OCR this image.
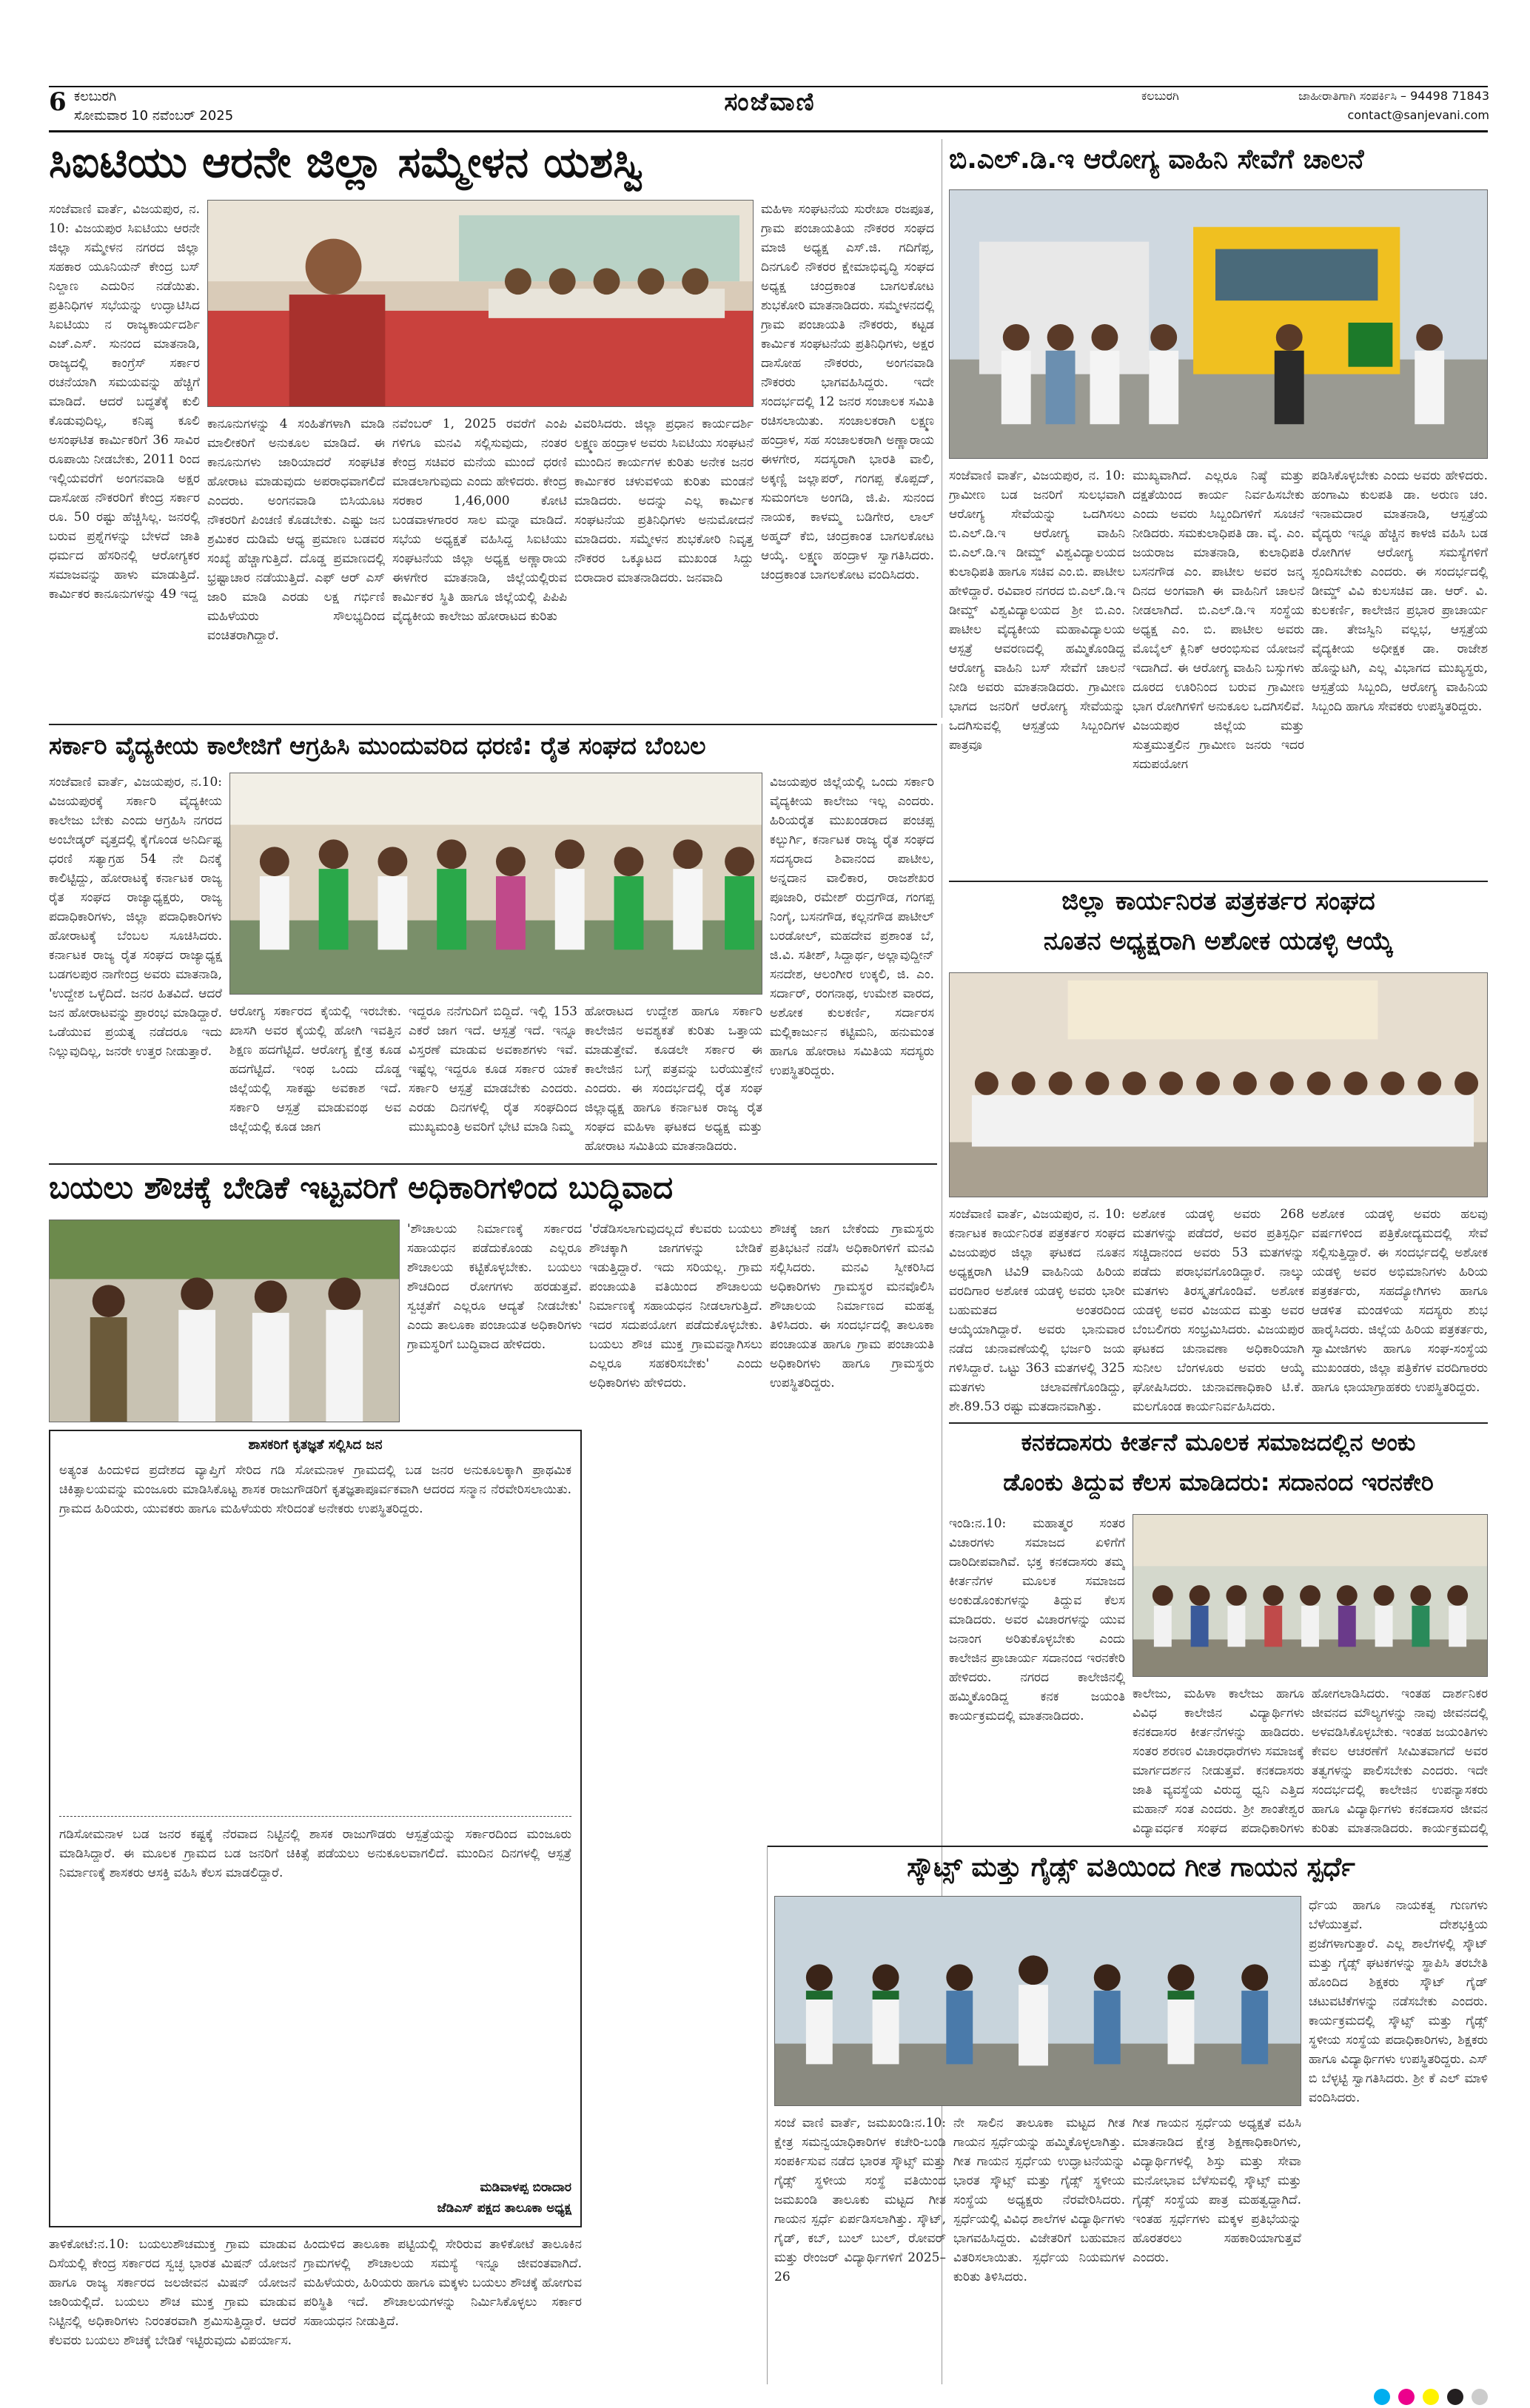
6 ಕಲಬುರಗಿ
ಸೋಮವಾರ 10 ನವೆಂಬರ್ 2025	ಸಂಜೆವಾಣಿ	ಕಲಬುರಗಿ	ಜಾಹೀರಾತಿಗಾಗಿ ಸಂಪರ್ಕಿಸಿ – 94498 71843
contact@sanjevani.com
ಸಿಐಟಿಯು ಆರನೇ ಜಿಲ್ಲಾ ಸಮ್ಮೇಳನ ಯಶಸ್ವಿ
ಸಂಜೆವಾಣಿ ವಾರ್ತೆ, ವಿಜಯಪುರ, ನ. 10: ವಿಜಯಪುರ ಸಿಐಟಿಯು ಆರನೇ ಜಿಲ್ಲಾ ಸಮ್ಮೇಳನ ನಗರದ ಜಿಲ್ಲಾ ಸಹಕಾರ ಯೂನಿಯನ್ ಕೇಂದ್ರ ಬಸ್ ನಿಲ್ದಾಣ ಎದುರಿನ ನಡೆಯಿತು. ಪ್ರತಿನಿಧಿಗಳ ಸಭೆಯನ್ನು ಉದ್ಘಾಟಿಸಿದ ಸಿಐಟಿಯು ನ ರಾಜ್ಯಕಾರ್ಯದರ್ಶಿ ಎಚ್.ಎಸ್. ಸುನಂದ ಮಾತನಾಡಿ, ರಾಜ್ಯದಲ್ಲಿ ಕಾಂಗ್ರೆಸ್ ಸರ್ಕಾರ ರಚನೆಯಾಗಿ ಸಮಯವನ್ನು ಹೆಚ್ಚಿಗೆ ಮಾಡಿದೆ. ಆದರೆ ಬದ್ಧತೆಕ್ಕೆ ಕುಲಿ ಕೊಡುವುದಿಲ್ಲ, ಕನಿಷ್ಠ ಕೂಲಿ ಅಸಂಘಟಿತ ಕಾರ್ಮಿಕರಿಗೆ 36 ಸಾವಿರ ರೂಪಾಯಿ ನೀಡಬೇಕು, 2011 ರಿಂದ ಇಲ್ಲಿಯವರೆಗೆ ಅಂಗನವಾಡಿ ಅಕ್ಷರ ದಾಸೋಹ ನೌಕರರಿಗೆ ಕೇಂದ್ರ ಸರ್ಕಾರ ರೂ. 50 ರಷ್ಟು ಹೆಚ್ಚಿಸಿಲ್ಲ. ಜನರಲ್ಲಿ ಬರುವ ಪ್ರಶ್ನೆಗಳನ್ನು ಬೇಳದೆ ಜಾತಿ ಧರ್ಮದ ಹೆಸರಿನಲ್ಲಿ ಆರೋಗ್ಯಕರ ಸಮಾಜವನ್ನು ಹಾಳು ಮಾಡುತ್ತಿದೆ. ಕಾರ್ಮಿಕರ ಕಾನೂನುಗಳನ್ನು 49 ಇದ್ದ
ಕಾನೂನುಗಳನ್ನು 4 ಸಂಹಿತೆಗಳಾಗಿ ಮಾಡಿ ಮಾಲೀಕರಿಗೆ ಅನುಕೂಲ ಮಾಡಿದೆ. ಈ ಕಾನೂನುಗಳು ಜಾರಿಯಾದರೆ ಸಂಘಟಿತ ಹೋರಾಟ ಮಾಡುವುದು ಅಪರಾಧವಾಗಲಿದೆ ಎಂದರು. ಅಂಗನವಾಡಿ ಬಿಸಿಯೂಟ ನೌಕರರಿಗೆ ಪಿಂಚಣಿ ಕೊಡಬೇಕು. ಎಷ್ಟು ಜನ ಶ್ರಮಿಕರ ದುಡಿಮೆ ಆಧ್ಯ ಪ್ರಮಾಣ ಬಡವರ ಸಂಖ್ಯೆ ಹೆಚ್ಚಾಗುತ್ತಿದೆ. ದೊಡ್ಡ ಪ್ರಮಾಣದಲ್ಲಿ ಭ್ರಷ್ಟಾಚಾರ ನಡೆಯುತ್ತಿದೆ. ಎಫ್ ಆರ್ ಎಸ್ ಜಾರಿ ಮಾಡಿ ಎರಡು ಲಕ್ಷ ಗರ್ಭಿಣಿ ಮಹಿಳೆಯರು ಸೌಲಭ್ಯದಿಂದ ವಂಚಿತರಾಗಿದ್ದಾರೆ.
ನವೆಂಬರ್ 1, 2025 ರವರೆಗೆ ಎಂಪಿ ಗಳಿಗೂ ಮನವಿ ಸಲ್ಲಿಸುವುದು, ನಂತರ ಕೇಂದ್ರ ಸಚಿವರ ಮನೆಯ ಮುಂದೆ ಧರಣಿ ಮಾಡಲಾಗುವುದು ಎಂದು ಹೇಳಿದರು. ಕೇಂದ್ರ ಸರಕಾರ 1,46,000 ಕೋಟಿ ಬಂಡವಾಳಗಾರರ ಸಾಲ ಮನ್ನಾ ಮಾಡಿದೆ. ಸಭೆಯ ಅಧ್ಯಕ್ಷತೆ ವಹಿಸಿದ್ದ ಸಿಐಟಿಯು ಸಂಘಟನೆಯ ಜಿಲ್ಲಾ ಅಧ್ಯಕ್ಷ ಅಣ್ಣಾರಾಯ ಈಳಗೇರ ಮಾತನಾಡಿ, ಜಿಲ್ಲೆಯಲ್ಲಿರುವ ಕಾರ್ಮಿಕರ ಸ್ಥಿತಿ ಹಾಗೂ ಜಿಲ್ಲೆಯಲ್ಲಿ ಪಿಪಿಪಿ ವೈದ್ಯಕೀಯ ಕಾಲೇಜು ಹೋರಾಟದ ಕುರಿತು
ವಿವರಿಸಿದರು. ಜಿಲ್ಲಾ ಪ್ರಧಾನ ಕಾರ್ಯದರ್ಶಿ ಲಕ್ಷ್ಮಣ ಹಂದ್ರಾಳ ಅವರು ಸಿಐಟಿಯು ಸಂಘಟನೆ ಮುಂದಿನ ಕಾರ್ಯಗಳ ಕುರಿತು ಅನೇಕ ಜನರ ಕಾರ್ಮಿಕರ ಚಳುವಳಿಯ ಕುರಿತು ಮಂಡನೆ ಮಾಡಿದರು. ಅದನ್ನು ಎಲ್ಲ ಕಾರ್ಮಿಕ ಸಂಘಟನೆಯ ಪ್ರತಿನಿಧಿಗಳು ಅನುಮೋದನೆ ಮಾಡಿದರು. ಸಮ್ಮೇಳನ ಶುಭಕೋರಿ ನಿವೃತ್ತ ನೌಕರರ ಒಕ್ಕೂಟದ ಮುಖಂಡ ಸಿದ್ದು ಬಿರಾದಾರ ಮಾತನಾಡಿದರು. ಜನವಾದಿ
ಮಹಿಳಾ ಸಂಘಟನೆಯ ಸುರೇಖಾ ರಜಪೂತ, ಗ್ರಾಮ ಪಂಚಾಯತಿಯ ನೌಕರರ ಸಂಘದ ಮಾಜಿ ಅಧ್ಯಕ್ಷ ಎಸ್.ಜಿ. ಗದಿಗೆಪ್ಪ, ದಿನಗೂಲಿ ನೌಕರರ ಕ್ಷೇಮಾಭಿವೃದ್ಧಿ ಸಂಘದ ಅಧ್ಯಕ್ಷ ಚಂದ್ರಕಾಂತ ಬಾಗಲಕೋಟ ಶುಭಕೋರಿ ಮಾತನಾಡಿದರು. ಸಮ್ಮೇಳನದಲ್ಲಿ ಗ್ರಾಮ ಪಂಚಾಯತಿ ನೌಕರರು, ಕಟ್ಟಡ ಕಾರ್ಮಿಕ ಸಂಘಟನೆಯ ಪ್ರತಿನಿಧಿಗಳು, ಅಕ್ಷರ ದಾಸೋಹ ನೌಕರರು, ಅಂಗನವಾಡಿ ನೌಕರರು ಭಾಗವಹಿಸಿದ್ದರು. ಇದೇ ಸಂದರ್ಭದಲ್ಲಿ 12 ಜನರ ಸಂಚಾಲಕ ಸಮಿತಿ ರಚಿಸಲಾಯಿತು. ಸಂಚಾಲಕರಾಗಿ ಲಕ್ಷ್ಮಣ ಹಂದ್ರಾಳ, ಸಹ ಸಂಚಾಲಕರಾಗಿ ಅಣ್ಣಾರಾಯ ಈಳಗೇರ, ಸದಸ್ಯರಾಗಿ ಭಾರತಿ ವಾಲಿ, ಅಕ್ಕಣ್ಣಿ ಜಲ್ಲಾಪರ್, ಗಂಗಪ್ಪ ಕೊಪ್ಪದ್, ಸುಮಂಗಲಾ ಅಂಗಡಿ, ಜಿ.ಪಿ. ಸುನಂದ ನಾಯಕ, ಕಾಳಮ್ಮ ಬಡಿಗೇರ, ಲಾಲ್ ಅಹ್ಮದ್ ಕೆಬಿ, ಚಂದ್ರಕಾಂತ ಬಾಗಲಕೋಟ ಆಯ್ಕೆ. ಲಕ್ಷ್ಮಣ ಹಂದ್ರಾಳ ಸ್ವಾಗತಿಸಿದರು. ಚಂದ್ರಕಾಂತ ಬಾಗಲಕೋಟ ವಂದಿಸಿದರು.
ಬಿ.ಎಲ್.ಡಿ.ಇ ಆರೋಗ್ಯ ವಾಹಿನಿ ಸೇವೆಗೆ ಚಾಲನೆ
ಸಂಜೆವಾಣಿ ವಾರ್ತೆ, ವಿಜಯಪುರ, ನ. 10: ಗ್ರಾಮೀಣ ಬಡ ಜನರಿಗೆ ಸುಲಭವಾಗಿ ಆರೋಗ್ಯ ಸೇವೆಯನ್ನು ಒದಗಿಸಲು ಬಿ.ಎಲ್.ಡಿ.ಇ ಆರೋಗ್ಯ ವಾಹಿನಿ ಬಿ.ಎಲ್.ಡಿ.ಇ ಡೀಮ್ಡ್ ವಿಶ್ವವಿದ್ಯಾಲಯದ ಕುಲಾಧಿಪತಿ ಹಾಗೂ ಸಚಿವ ಎಂ.ಬಿ. ಪಾಟೀಲ ಹೇಳಿದ್ದಾರೆ. ರವಿವಾರ ನಗರದ ಬಿ.ಎಲ್.ಡಿ.ಇ ಡೀಮ್ಡ್ ವಿಶ್ವವಿದ್ಯಾಲಯದ ಶ್ರೀ ಬಿ.ಎಂ. ಪಾಟೀಲ ವೈದ್ಯಕೀಯ ಮಹಾವಿದ್ಯಾಲಯ ಆಸ್ಪತ್ರೆ ಆವರಣದಲ್ಲಿ ಹಮ್ಮಿಕೊಂಡಿದ್ದ ಆರೋಗ್ಯ ವಾಹಿನಿ ಬಸ್ ಸೇವೆಗೆ ಚಾಲನೆ ನೀಡಿ ಅವರು ಮಾತನಾಡಿದರು. ಗ್ರಾಮೀಣ ಭಾಗದ ಜನರಿಗೆ ಆರೋಗ್ಯ ಸೇವೆಯನ್ನು ಒದಗಿಸುವಲ್ಲಿ ಆಸ್ಪತ್ರೆಯ ಸಿಬ್ಬಂದಿಗಳ ಪಾತ್ರವೂ
ಮುಖ್ಯವಾಗಿದೆ. ಎಲ್ಲರೂ ನಿಷ್ಠೆ ಮತ್ತು ದಕ್ಷತೆಯಿಂದ ಕಾರ್ಯ ನಿರ್ವಹಿಸಬೇಕು ಎಂದು ಅವರು ಸಿಬ್ಬಂದಿಗಳಿಗೆ ಸೂಚನೆ ನೀಡಿದರು. ಸಮಕುಲಾಧಿಪತಿ ಡಾ. ವೈ. ಎಂ. ಜಯರಾಜ ಮಾತನಾಡಿ, ಕುಲಾಧಿಪತಿ ಬಸನಗೌಡ ಎಂ. ಪಾಟೀಲ ಅವರ ಜನ್ಮ ದಿನದ ಅಂಗವಾಗಿ ಈ ವಾಹಿನಿಗೆ ಚಾಲನೆ ನೀಡಲಾಗಿದೆ. ಬಿ.ಎಲ್.ಡಿ.ಇ ಸಂಸ್ಥೆಯ ಅಧ್ಯಕ್ಷ ಎಂ. ಬಿ. ಪಾಟೀಲ ಅವರು ಮೊಬೈಲ್ ಕ್ಲಿನಿಕ್ ಆರಂಭಿಸುವ ಯೋಜನೆ ಇದಾಗಿದೆ. ಈ ಆರೋಗ್ಯ ವಾಹಿನಿ ಬಸ್ಸುಗಳು ದೂರದ ಊರಿನಿಂದ ಬರುವ ಗ್ರಾಮೀಣ ಭಾಗ ರೋಗಿಗಳಿಗೆ ಅನುಕೂಲ ಒದಗಿಸಲಿವೆ. ವಿಜಯಪುರ ಜಿಲ್ಲೆಯ ಮತ್ತು ಸುತ್ತಮುತ್ತಲಿನ ಗ್ರಾಮೀಣ ಜನರು ಇದರ ಸದುಪಯೋಗ
ಪಡಿಸಿಕೊಳ್ಳಬೇಕು ಎಂದು ಅವರು ಹೇಳಿದರು. ಹಂಗಾಮಿ ಕುಲಪತಿ ಡಾ. ಅರುಣ ಚಂ. ಇನಾಮದಾರ ಮಾತನಾಡಿ, ಆಸ್ಪತ್ರೆಯ ವೈದ್ಯರು ಇನ್ನೂ ಹೆಚ್ಚಿನ ಕಾಳಜಿ ವಹಿಸಿ ಬಡ ರೋಗಿಗಳ ಆರೋಗ್ಯ ಸಮಸ್ಯೆಗಳಿಗೆ ಸ್ಪಂದಿಸಬೇಕು ಎಂದರು. ಈ ಸಂದರ್ಭದಲ್ಲಿ ಡೀಮ್ಡ್ ವಿವಿ ಕುಲಸಚಿವ ಡಾ. ಆರ್. ವಿ. ಕುಲಕರ್ಣಿ, ಕಾಲೇಜಿನ ಪ್ರಭಾರ ಪ್ರಾಚಾರ್ಯ ಡಾ. ತೇಜಸ್ವಿನಿ ವಲ್ಲಭ, ಆಸ್ಪತ್ರೆಯ ವೈದ್ಯಕೀಯ ಅಧೀಕ್ಷಕ ಡಾ. ರಾಜೇಶ ಹೊನ್ನುಟಗಿ, ಎಲ್ಲ ವಿಭಾಗದ ಮುಖ್ಯಸ್ಥರು, ಆಸ್ಪತ್ರೆಯ ಸಿಬ್ಬಂದಿ, ಆರೋಗ್ಯ ವಾಹಿನಿಯ ಸಿಬ್ಬಂದಿ ಹಾಗೂ ಸೇವಕರು ಉಪಸ್ಥಿತರಿದ್ದರು.
ಸರ್ಕಾರಿ ವೈದ್ಯಕೀಯ ಕಾಲೇಜಿಗೆ ಆಗ್ರಹಿಸಿ ಮುಂದುವರಿದ ಧರಣಿ: ರೈತ ಸಂಘದ ಬೆಂಬಲ
ಸಂಜೆವಾಣಿ ವಾರ್ತೆ, ವಿಜಯಪುರ, ನ.10: ವಿಜಯಪುರಕ್ಕೆ ಸರ್ಕಾರಿ ವೈದ್ಯಕೀಯ ಕಾಲೇಜು ಬೇಕು ಎಂದು ಆಗ್ರಹಿಸಿ ನಗರದ ಅಂಬೇಡ್ಕರ್ ವೃತ್ತದಲ್ಲಿ ಕೈಗೊಂಡ ಅನಿರ್ದಿಷ್ಟ ಧರಣಿ ಸತ್ಯಾಗ್ರಹ 54 ನೇ ದಿನಕ್ಕೆ ಕಾಲಿಟ್ಟಿದ್ದು, ಹೋರಾಟಕ್ಕೆ ಕರ್ನಾಟಕ ರಾಜ್ಯ ರೈತ ಸಂಘದ ರಾಜ್ಯಾಧ್ಯಕ್ಷರು, ರಾಜ್ಯ ಪದಾಧಿಕಾರಿಗಳು, ಜಿಲ್ಲಾ ಪದಾಧಿಕಾರಿಗಳು ಹೋರಾಟಕ್ಕೆ ಬೆಂಬಲ ಸೂಚಿಸಿದರು. ಕರ್ನಾಟಕ ರಾಜ್ಯ ರೈತ ಸಂಘದ ರಾಜ್ಯಾಧ್ಯಕ್ಷ ಬಡಗಲಪುರ ನಾಗೇಂದ್ರ ಅವರು ಮಾತನಾಡಿ, 'ಉದ್ದೇಶ ಒಳ್ಳೆದಿದೆ. ಜನರ ಹಿತವಿದೆ. ಆದರೆ ಜನ ಹೋರಾಟವನ್ನು ಪ್ರಾರಂಭ ಮಾಡಿದ್ದಾರೆ. ಒಡೆಯುವ ಪ್ರಯತ್ನ ನಡೆದರೂ ಇದು ನಿಲ್ಲುವುದಿಲ್ಲ, ಜನರೇ ಉತ್ತರ ನೀಡುತ್ತಾರೆ.
ಆರೋಗ್ಯ ಸರ್ಕಾರದ ಕೈಯಲ್ಲಿ ಇರಬೇಕು. ಖಾಸಗಿ ಅವರ ಕೈಯಲ್ಲಿ ಹೋಗಿ ಇವತ್ತಿನ ಶಿಕ್ಷಣ ಹದಗೆಟ್ಟಿದೆ. ಆರೋಗ್ಯ ಕ್ಷೇತ್ರ ಕೂಡ ಹದಗೆಟ್ಟಿದೆ. ಇಂಥ ಒಂದು ದೊಡ್ಡ ಜಿಲ್ಲೆಯಲ್ಲಿ ಸಾಕಷ್ಟು ಅವಕಾಶ ಇದೆ. ಸರ್ಕಾರಿ ಆಸ್ಪತ್ರೆ ಮಾಡುವಂಥ ಅವ ಜಿಲ್ಲೆಯಲ್ಲಿ ಕೂಡ ಜಾಗ
ಇದ್ದರೂ ನನೆಗುದಿಗೆ ಬಿದ್ದಿದೆ. ಇಲ್ಲಿ 153 ಎಕರೆ ಜಾಗ ಇದೆ. ಆಸ್ಪತ್ರೆ ಇದೆ. ಇನ್ನೂ ವಿಸ್ತರಣೆ ಮಾಡುವ ಅವಕಾಶಗಳು ಇವೆ. ಇಷ್ಟೆಲ್ಲ ಇದ್ದರೂ ಕೂಡ ಸರ್ಕಾರ ಯಾಕೆ ಸರ್ಕಾರಿ ಆಸ್ಪತ್ರೆ ಮಾಡಬೇಕು ಎಂದರು. ಎರಡು ದಿನಗಳಲ್ಲಿ ರೈತ ಸಂಘದಿಂದ ಮುಖ್ಯಮಂತ್ರಿ ಅವರಿಗೆ ಭೇಟಿ ಮಾಡಿ ನಿಮ್ಮ
ಹೋರಾಟದ ಉದ್ದೇಶ ಹಾಗೂ ಸರ್ಕಾರಿ ಕಾಲೇಜಿನ ಅವಶ್ಯಕತೆ ಕುರಿತು ಒತ್ತಾಯ ಮಾಡುತ್ತೇವೆ. ಕೂಡಲೇ ಸರ್ಕಾರ ಈ ಕಾಲೇಜಿನ ಬಗ್ಗೆ ಪತ್ರವನ್ನು ಬರೆಯುತ್ತೇನೆ ಎಂದರು. ಈ ಸಂದರ್ಭದಲ್ಲಿ ರೈತ ಸಂಘ ಜಿಲ್ಲಾಧ್ಯಕ್ಷ ಹಾಗೂ ಕರ್ನಾಟಕ ರಾಜ್ಯ ರೈತ ಸಂಘದ ಮಹಿಳಾ ಘಟಕದ ಅಧ್ಯಕ್ಷ ಮತ್ತು ಹೋರಾಟ ಸಮಿತಿಯ ಮಾತನಾಡಿದರು.
ವಿಜಯಪುರ ಜಿಲ್ಲೆಯಲ್ಲಿ ಒಂದು ಸರ್ಕಾರಿ ವೈದ್ಯಕೀಯ ಕಾಲೇಜು ಇಲ್ಲ ಎಂದರು. ಹಿರಿಯರೈತ ಮುಖಂಡರಾದ ಪಂಚಪ್ಪ ಕಲ್ಬುರ್ಗಿ, ಕರ್ನಾಟಕ ರಾಜ್ಯ ರೈತ ಸಂಘದ ಸದಸ್ಯರಾದ ಶಿವಾನಂದ ಪಾಟೀಲ, ಅನ್ನದಾನ ವಾಲಿಕಾರ, ರಾಜಶೇಖರ ಪೂಜಾರಿ, ರಮೇಶ್ ರುದ್ರಗೌಡ, ಗಂಗಪ್ಪ ನಿಂಗೈ, ಬಸನಗೌಡ, ಕಲ್ಲನಗೌಡ ಪಾಟೀಲ್ ಬರಡೋಲ್, ಮಹದೇವ ಪ್ರಶಾಂತ ಬೆ, ಜಿ.ವಿ. ಸತೀಶ್, ಸಿದ್ದಾರ್ಥ, ಅಲ್ಲಾವುದ್ದೀನ್ ಸನದೇಶ, ಆಲಂಗೀರ ಉಕ್ಕಲಿ, ಜಿ. ಎಂ. ಸರ್ದಾರ್, ರಂಗನಾಥ, ಉಮೇಶ ವಾರದ, ಅಶೋಕ ಕುಲಕರ್ಣಿ, ಸರ್ದಾರಸ ಮಲ್ಲಿಕಾರ್ಜುನ ಕಟ್ಟಿಮನಿ, ಹನುಮಂತ ಹಾಗೂ ಹೋರಾಟ ಸಮಿತಿಯ ಸದಸ್ಯರು ಉಪಸ್ಥಿತರಿದ್ದರು.
ಜಿಲ್ಲಾ ಕಾರ್ಯನಿರತ ಪತ್ರಕರ್ತರ ಸಂಘದ
ನೂತನ ಅಧ್ಯಕ್ಷರಾಗಿ ಅಶೋಕ ಯಡಳ್ಳಿ ಆಯ್ಕೆ
ಸಂಜೆವಾಣಿ ವಾರ್ತೆ, ವಿಜಯಪುರ, ನ. 10: ಕರ್ನಾಟಕ ಕಾರ್ಯನಿರತ ಪತ್ರಕರ್ತರ ಸಂಘದ ವಿಜಯಪುರ ಜಿಲ್ಲಾ ಘಟಕದ ನೂತನ ಅಧ್ಯಕ್ಷರಾಗಿ ಟಿವಿ9 ವಾಹಿನಿಯ ಹಿರಿಯ ವರದಿಗಾರ ಅಶೋಕ ಯಡಳ್ಳಿ ಅವರು ಭಾರೀ ಬಹುಮತದ ಅಂತರದಿಂದ ಆಯ್ಕೆಯಾಗಿದ್ದಾರೆ. ಅವರು ಭಾನುವಾರ ನಡೆದ ಚುನಾವಣೆಯಲ್ಲಿ ಭರ್ಜರಿ ಜಯ ಗಳಿಸಿದ್ದಾರೆ. ಒಟ್ಟು 363 ಮತಗಳಲ್ಲಿ 325 ಮತಗಳು ಚಲಾವಣೆಗೊಂಡಿದ್ದು, ಶೇ.89.53 ರಷ್ಟು ಮತದಾನವಾಗಿತ್ತು.
ಅಶೋಕ ಯಡಳ್ಳಿ ಅವರು 268 ಮತಗಳನ್ನು ಪಡೆದರೆ, ಅವರ ಪ್ರತಿಸ್ಪರ್ಧಿ ಸಚ್ಚಿದಾನಂದ ಅವರು 53 ಮತಗಳನ್ನು ಪಡೆದು ಪರಾಭವಗೊಂಡಿದ್ದಾರೆ. ನಾಲ್ಕು ಮತಗಳು ತಿರಸ್ಕೃತಗೊಂಡಿವೆ. ಅಶೋಕ ಯಡಳ್ಳಿ ಅವರ ವಿಜಯದ ಮತ್ತು ಅವರ ಬೆಂಬಲಿಗರು ಸಂಭ್ರಮಿಸಿದರು. ವಿಜಯಪುರ ಘಟಕದ ಚುನಾವಣಾ ಅಧಿಕಾರಿಯಾಗಿ ಸುನೀಲ ಬೆಂಗಳೂರು ಅವರು ಆಯ್ಕೆ ಘೋಷಿಸಿದರು. ಚುನಾವಣಾಧಿಕಾರಿ ಟಿ.ಕೆ. ಮಲಗೊಂಡ ಕಾರ್ಯನಿರ್ವಹಿಸಿದರು.
ಅಶೋಕ ಯಡಳ್ಳಿ ಅವರು ಹಲವು ವರ್ಷಗಳಿಂದ ಪತ್ರಿಕೋದ್ಯಮದಲ್ಲಿ ಸೇವೆ ಸಲ್ಲಿಸುತ್ತಿದ್ದಾರೆ. ಈ ಸಂದರ್ಭದಲ್ಲಿ ಅಶೋಕ ಯಡಳ್ಳಿ ಅವರ ಅಭಿಮಾನಿಗಳು ಹಿರಿಯ ಪತ್ರಕರ್ತರು, ಸಹದ್ಯೋಗಿಗಳು ಹಾಗೂ ಆಡಳಿತ ಮಂಡಳಿಯ ಸದಸ್ಯರು ಶುಭ ಹಾರೈಸಿದರು. ಜಿಲ್ಲೆಯ ಹಿರಿಯ ಪತ್ರಕರ್ತರು, ಸ್ವಾಮೀಜಿಗಳು ಹಾಗೂ ಸಂಘ-ಸಂಸ್ಥೆಯ ಮುಖಂಡರು, ಜಿಲ್ಲಾ ಪತ್ರಿಕೆಗಳ ವರದಿಗಾರರು ಹಾಗೂ ಛಾಯಾಗ್ರಾಹಕರು ಉಪಸ್ಥಿತರಿದ್ದರು.
ಬಯಲು ಶೌಚಕ್ಕೆ ಬೇಡಿಕೆ ಇಟ್ಟವರಿಗೆ ಅಧಿಕಾರಿಗಳಿಂದ ಬುದ್ಧಿವಾದ
'ಶೌಚಾಲಯ ನಿರ್ಮಾಣಕ್ಕೆ ಸರ್ಕಾರದ ಸಹಾಯಧನ ಪಡೆದುಕೊಂಡು ಎಲ್ಲರೂ ಶೌಚಾಲಯ ಕಟ್ಟಿಕೊಳ್ಳಬೇಕು. ಬಯಲು ಶೌಚದಿಂದ ರೋಗಗಳು ಹರಡುತ್ತವೆ. ಸ್ವಚ್ಛತೆಗೆ ಎಲ್ಲರೂ ಆದ್ಯತೆ ನೀಡಬೇಕು' ಎಂದು ತಾಲೂಕಾ ಪಂಚಾಯತ ಅಧಿಕಾರಿಗಳು ಗ್ರಾಮಸ್ಥರಿಗೆ ಬುದ್ಧಿವಾದ ಹೇಳಿದರು.
'ರೆಡೆಡಿಸಲಾಗುವುದಲ್ಲದೆ ಕೆಲವರು ಬಯಲು ಶೌಚಕ್ಕಾಗಿ ಜಾಗಗಳನ್ನು ಬೇಡಿಕೆ ಇಡುತ್ತಿದ್ದಾರೆ. ಇದು ಸರಿಯಲ್ಲ. ಗ್ರಾಮ ಪಂಚಾಯತಿ ವತಿಯಿಂದ ಶೌಚಾಲಯ ನಿರ್ಮಾಣಕ್ಕೆ ಸಹಾಯಧನ ನೀಡಲಾಗುತ್ತಿದೆ. ಇದರ ಸದುಪಯೋಗ ಪಡೆದುಕೊಳ್ಳಬೇಕು. ಬಯಲು ಶೌಚ ಮುಕ್ತ ಗ್ರಾಮವನ್ನಾಗಿಸಲು ಎಲ್ಲರೂ ಸಹಕರಿಸಬೇಕು' ಎಂದು ಅಧಿಕಾರಿಗಳು ಹೇಳಿದರು.
ಶೌಚಕ್ಕೆ ಜಾಗ ಬೇಕೆಂದು ಗ್ರಾಮಸ್ಥರು ಪ್ರತಿಭಟನೆ ನಡೆಸಿ ಅಧಿಕಾರಿಗಳಿಗೆ ಮನವಿ ಸಲ್ಲಿಸಿದರು. ಮನವಿ ಸ್ವೀಕರಿಸಿದ ಅಧಿಕಾರಿಗಳು ಗ್ರಾಮಸ್ಥರ ಮನವೊಲಿಸಿ ಶೌಚಾಲಯ ನಿರ್ಮಾಣದ ಮಹತ್ವ ತಿಳಿಸಿದರು. ಈ ಸಂದರ್ಭದಲ್ಲಿ ತಾಲೂಕಾ ಪಂಚಾಯತ ಹಾಗೂ ಗ್ರಾಮ ಪಂಚಾಯತಿ ಅಧಿಕಾರಿಗಳು ಹಾಗೂ ಗ್ರಾಮಸ್ಥರು ಉಪಸ್ಥಿತರಿದ್ದರು.
ಶಾಸಕರಿಗೆ ಕೃತಜ್ಞತೆ ಸಲ್ಲಿಸಿದ ಜನ
ಅತ್ಯಂತ ಹಿಂದುಳಿದ ಪ್ರದೇಶದ ವ್ಯಾಪ್ತಿಗೆ ಸೇರಿದ ಗಡಿ ಸೋಮನಾಳ ಗ್ರಾಮದಲ್ಲಿ ಬಡ ಜನರ ಅನುಕೂಲಕ್ಕಾಗಿ ಪ್ರಾಥಮಿಕ ಚಿಕಿತ್ಸಾಲಯವನ್ನು ಮಂಜೂರು ಮಾಡಿಸಿಕೊಟ್ಟ ಶಾಸಕ ರಾಜುಗೌಡರಿಗೆ ಕೃತಜ್ಞತಾಪೂರ್ವಕವಾಗಿ ಆದರದ ಸನ್ಮಾನ ನೆರವೇರಿಸಲಾಯಿತು. ಗ್ರಾಮದ ಹಿರಿಯರು, ಯುವಕರು ಹಾಗೂ ಮಹಿಳೆಯರು ಸೇರಿದಂತೆ ಅನೇಕರು ಉಪಸ್ಥಿತರಿದ್ದರು.
ಗಡಿಸೋಮನಾಳ ಬಡ ಜನರ ಕಷ್ಟಕ್ಕೆ ನೆರವಾದ ನಿಟ್ಟಿನಲ್ಲಿ ಶಾಸಕ ರಾಜುಗೌಡರು ಆಸ್ಪತ್ರೆಯನ್ನು ಸರ್ಕಾರದಿಂದ ಮಂಜೂರು ಮಾಡಿಸಿದ್ದಾರೆ. ಈ ಮೂಲಕ ಗ್ರಾಮದ ಬಡ ಜನರಿಗೆ ಚಿಕಿತ್ಸೆ ಪಡೆಯಲು ಅನುಕೂಲವಾಗಲಿದೆ. ಮುಂದಿನ ದಿನಗಳಲ್ಲಿ ಆಸ್ಪತ್ರೆ ನಿರ್ಮಾಣಕ್ಕೆ ಶಾಸಕರು ಆಸಕ್ತಿ ವಹಿಸಿ ಕೆಲಸ ಮಾಡಲಿದ್ದಾರೆ.
ಮಡಿವಾಳಪ್ಪ ಬಿರಾದಾರ
ಜೆಡಿಎಸ್ ಪಕ್ಷದ ತಾಲೂಕಾ ಅಧ್ಯಕ್ಷ
ತಾಳಿಕೋಟೆ:ನ.10: ಬಯಲುಶೌಚಮುಕ್ತ ಗ್ರಾಮ ಮಾಡುವ ದಿಸೆಯಲ್ಲಿ ಕೇಂದ್ರ ಸರ್ಕಾರದ ಸ್ವಚ್ಛ ಭಾರತ ಮಿಷನ್ ಯೋಜನೆ ಹಾಗೂ ರಾಜ್ಯ ಸರ್ಕಾರದ ಜಲಜೀವನ ಮಿಷನ್ ಯೋಜನೆ ಜಾರಿಯಲ್ಲಿದೆ. ಬಯಲು ಶೌಚ ಮುಕ್ತ ಗ್ರಾಮ ಮಾಡುವ ನಿಟ್ಟಿನಲ್ಲಿ ಅಧಿಕಾರಿಗಳು ನಿರಂತರವಾಗಿ ಶ್ರಮಿಸುತ್ತಿದ್ದಾರೆ. ಆದರೆ ಕೆಲವರು ಬಯಲು ಶೌಚಕ್ಕೆ ಬೇಡಿಕೆ ಇಟ್ಟಿರುವುದು ವಿಪರ್ಯಾಸ.
ಹಿಂದುಳಿದ ತಾಲೂಕಾ ಪಟ್ಟಿಯಲ್ಲಿ ಸೇರಿರುವ ತಾಳಿಕೋಟೆ ತಾಲೂಕಿನ ಗ್ರಾಮಗಳಲ್ಲಿ ಶೌಚಾಲಯ ಸಮಸ್ಯೆ ಇನ್ನೂ ಜೀವಂತವಾಗಿದೆ. ಮಹಿಳೆಯರು, ಹಿರಿಯರು ಹಾಗೂ ಮಕ್ಕಳು ಬಯಲು ಶೌಚಕ್ಕೆ ಹೋಗುವ ಪರಿಸ್ಥಿತಿ ಇದೆ. ಶೌಚಾಲಯಗಳನ್ನು ನಿರ್ಮಿಸಿಕೊಳ್ಳಲು ಸರ್ಕಾರ ಸಹಾಯಧನ ನೀಡುತ್ತಿದೆ.
ಕನಕದಾಸರು ಕೀರ್ತನೆ ಮೂಲಕ ಸಮಾಜದಲ್ಲಿನ ಅಂಕು
ಡೊಂಕು ತಿದ್ದುವ ಕೆಲಸ ಮಾಡಿದರು: ಸದಾನಂದ ಇರನಕೇರಿ
ಇಂಡಿ:ನ.10: ಮಹಾತ್ಮರ ಸಂತರ ವಿಚಾರಗಳು ಸಮಾಜದ ಏಳಿಗೆಗೆ ದಾರಿದೀಪವಾಗಿವೆ. ಭಕ್ತ ಕನಕದಾಸರು ತಮ್ಮ ಕೀರ್ತನೆಗಳ ಮೂಲಕ ಸಮಾಜದ ಅಂಕುಡೊಂಕುಗಳನ್ನು ತಿದ್ದುವ ಕೆಲಸ ಮಾಡಿದರು. ಅವರ ವಿಚಾರಗಳನ್ನು ಯುವ ಜನಾಂಗ ಅರಿತುಕೊಳ್ಳಬೇಕು ಎಂದು ಕಾಲೇಜಿನ ಪ್ರಾಚಾರ್ಯ ಸದಾನಂದ ಇರನಕೇರಿ ಹೇಳಿದರು. ನಗರದ ಕಾಲೇಜಿನಲ್ಲಿ ಹಮ್ಮಿಕೊಂಡಿದ್ದ ಕನಕ ಜಯಂತಿ ಕಾರ್ಯಕ್ರಮದಲ್ಲಿ ಮಾತನಾಡಿದರು.
ಕಾಲೇಜು, ಮಹಿಳಾ ಕಾಲೇಜು ಹಾಗೂ ವಿವಿಧ ಕಾಲೇಜಿನ ವಿದ್ಯಾರ್ಥಿಗಳು ಕನಕದಾಸರ ಕೀರ್ತನೆಗಳನ್ನು ಹಾಡಿದರು. ಸಂತರ ಶರಣರ ವಿಚಾರಧಾರೆಗಳು ಸಮಾಜಕ್ಕೆ ಮಾರ್ಗದರ್ಶನ ನೀಡುತ್ತವೆ. ಕನಕದಾಸರು ಜಾತಿ ವ್ಯವಸ್ಥೆಯ ವಿರುದ್ಧ ಧ್ವನಿ ಎತ್ತಿದ ಮಹಾನ್ ಸಂತ ಎಂದರು. ಶ್ರೀ ಶಾಂತೇಶ್ವರ ವಿದ್ಯಾವರ್ಧಕ ಸಂಘದ ಪದಾಧಿಕಾರಿಗಳು
ಹೋಗಲಾಡಿಸಿದರು. ಇಂತಹ ದಾರ್ಶನಿಕರ ಜೀವನದ ಮೌಲ್ಯಗಳನ್ನು ನಾವು ಜೀವನದಲ್ಲಿ ಅಳವಡಿಸಿಕೊಳ್ಳಬೇಕು. ಇಂತಹ ಜಯಂತಿಗಳು ಕೇವಲ ಆಚರಣೆಗೆ ಸೀಮಿತವಾಗದೆ ಅವರ ತತ್ವಗಳನ್ನು ಪಾಲಿಸಬೇಕು ಎಂದರು. ಇದೇ ಸಂದರ್ಭದಲ್ಲಿ ಕಾಲೇಜಿನ ಉಪನ್ಯಾಸಕರು ಹಾಗೂ ವಿದ್ಯಾರ್ಥಿಗಳು ಕನಕದಾಸರ ಜೀವನ ಕುರಿತು ಮಾತನಾಡಿದರು. ಕಾರ್ಯಕ್ರಮದಲ್ಲಿ
ಸ್ಕೌಟ್ಸ್ ಮತ್ತು ಗೈಡ್ಸ್ ವತಿಯಿಂದ ಗೀತ ಗಾಯನ ಸ್ಪರ್ಧೆ
ಸಂಜೆ ವಾಣಿ ವಾರ್ತೆ, ಜಮಖಂಡಿ:ನ.10: ಕ್ಷೇತ್ರ ಸಮನ್ವಯಾಧಿಕಾರಿಗಳ ಕಚೇರಿ-ಬಂಡಿ ಸಂಪರ್ಕಿಸುವ ನಡೆದ ಭಾರತ ಸ್ಕೌಟ್ಸ್ ಮತ್ತು ಗೈಡ್ಸ್ ಸ್ಥಳೀಯ ಸಂಸ್ಥೆ ವತಿಯಿಂದ ಜಮಖಂಡಿ ತಾಲೂಕು ಮಟ್ಟದ ಗೀತ ಗಾಯನ ಸ್ಪರ್ಧೆ ಏರ್ಪಡಿಸಲಾಗಿತ್ತು. ಸ್ಕೌಟ್, ಗೈಡ್, ಕಬ್, ಬುಲ್ ಬುಲ್, ರೋವರ್ ಮತ್ತು ರೇಂಜರ್ ವಿದ್ಯಾರ್ಥಿಗಳಿಗೆ 2025–26
ನೇ ಸಾಲಿನ ತಾಲೂಕಾ ಮಟ್ಟದ ಗೀತ ಗಾಯನ ಸ್ಪರ್ಧೆಯನ್ನು ಹಮ್ಮಿಕೊಳ್ಳಲಾಗಿತ್ತು. ಗೀತ ಗಾಯನ ಸ್ಪರ್ಧೆಯ ಉದ್ಘಾಟನೆಯನ್ನು ಭಾರತ ಸ್ಕೌಟ್ಸ್ ಮತ್ತು ಗೈಡ್ಸ್ ಸ್ಥಳೀಯ ಸಂಸ್ಥೆಯ ಅಧ್ಯಕ್ಷರು ನೆರವೇರಿಸಿದರು. ಸ್ಪರ್ಧೆಯಲ್ಲಿ ವಿವಿಧ ಶಾಲೆಗಳ ವಿದ್ಯಾರ್ಥಿಗಳು ಭಾಗವಹಿಸಿದ್ದರು. ವಿಜೇತರಿಗೆ ಬಹುಮಾನ ವಿತರಿಸಲಾಯಿತು. ಸ್ಪರ್ಧೆಯ ನಿಯಮಗಳ ಕುರಿತು ತಿಳಿಸಿದರು.
ಗೀತ ಗಾಯನ ಸ್ಪರ್ಧೆಯ ಅಧ್ಯಕ್ಷತೆ ವಹಿಸಿ ಮಾತನಾಡಿದ ಕ್ಷೇತ್ರ ಶಿಕ್ಷಣಾಧಿಕಾರಿಗಳು, ವಿದ್ಯಾರ್ಥಿಗಳಲ್ಲಿ ಶಿಸ್ತು ಮತ್ತು ಸೇವಾ ಮನೋಭಾವ ಬೆಳೆಸುವಲ್ಲಿ ಸ್ಕೌಟ್ಸ್ ಮತ್ತು ಗೈಡ್ಸ್ ಸಂಸ್ಥೆಯ ಪಾತ್ರ ಮಹತ್ವದ್ದಾಗಿದೆ. ಇಂತಹ ಸ್ಪರ್ಧೆಗಳು ಮಕ್ಕಳ ಪ್ರತಿಭೆಯನ್ನು ಹೊರತರಲು ಸಹಕಾರಿಯಾಗುತ್ತವೆ ಎಂದರು.
ರ್ಧೆಯ ಹಾಗೂ ನಾಯಕತ್ವ ಗುಣಗಳು ಬೆಳೆಯುತ್ತವೆ. ದೇಶಭಕ್ತಿಯ ಪ್ರಜೆಗಳಾಗುತ್ತಾರೆ. ಎಲ್ಲ ಶಾಲೆಗಳಲ್ಲಿ ಸ್ಕೌಟ್ ಮತ್ತು ಗೈಡ್ಸ್ ಘಟಕಗಳನ್ನು ಸ್ಥಾಪಿಸಿ ತರಬೇತಿ ಹೊಂದಿದ ಶಿಕ್ಷಕರು ಸ್ಕೌಟ್ ಗೈಡ್ ಚಟುವಟಿಕೆಗಳನ್ನು ನಡೆಸಬೇಕು ಎಂದರು. ಕಾರ್ಯಕ್ರಮದಲ್ಲಿ ಸ್ಕೌಟ್ಸ್ ಮತ್ತು ಗೈಡ್ಸ್ ಸ್ಥಳೀಯ ಸಂಸ್ಥೆಯ ಪದಾಧಿಕಾರಿಗಳು, ಶಿಕ್ಷಕರು ಹಾಗೂ ವಿದ್ಯಾರ್ಥಿಗಳು ಉಪಸ್ಥಿತರಿದ್ದರು. ಎಸ್ ಬಿ ಬೆಳ್ಳಟ್ಟಿ ಸ್ವಾಗತಿಸಿದರು. ಶ್ರೀ ಕೆ ಎಲ್ ಮಾಳಿ ವಂದಿಸಿದರು.
